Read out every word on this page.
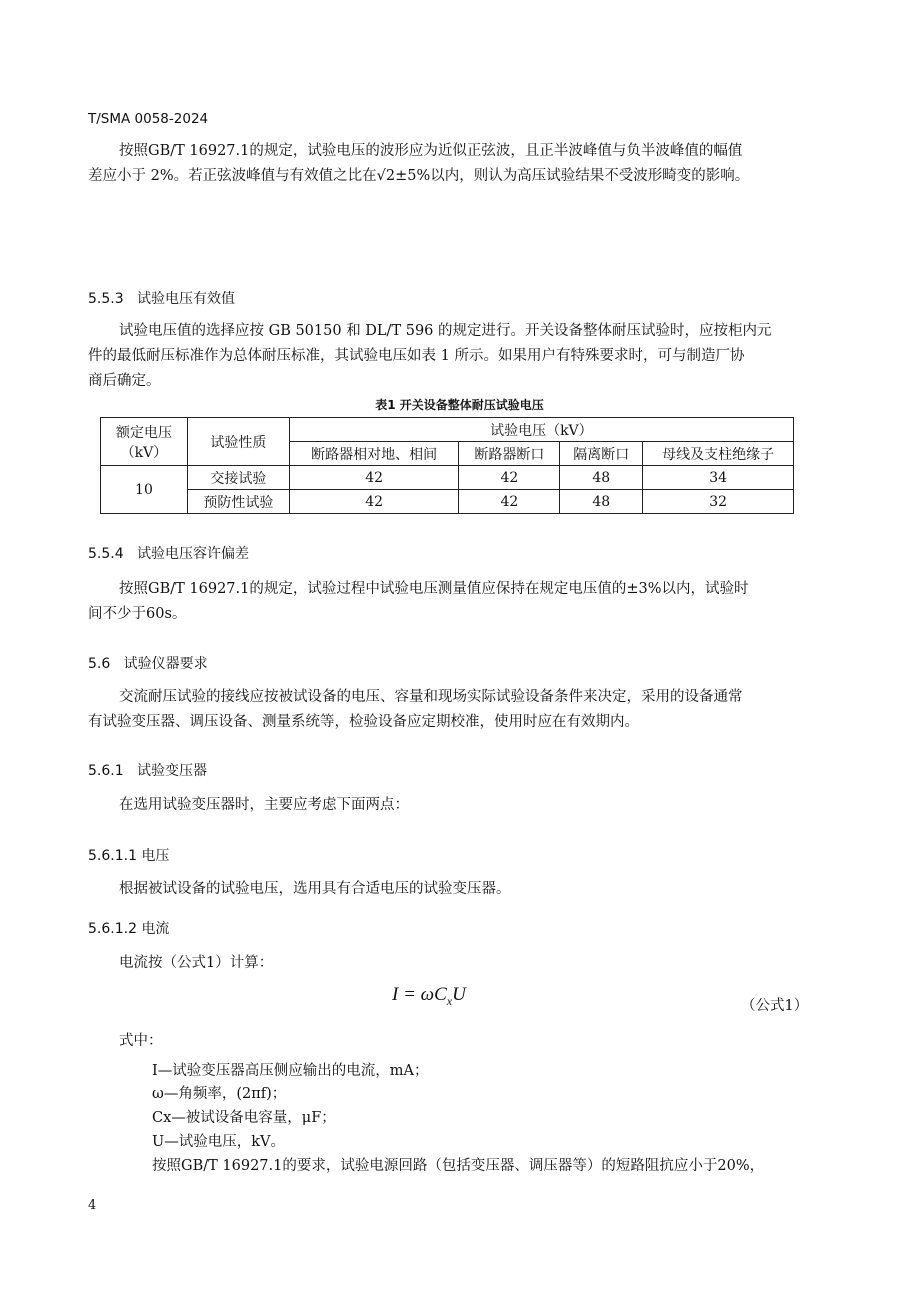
T/SMA 0058-2024
按照GB/T 16927.1的规定，试验电压的波形应为近似正弦波，且正半波峰值与负半波峰值的幅值
差应小于 2%。若正弦波峰值与有效值之比在√2±5%以内，则认为高压试验结果不受波形畸变的影响。
5.5.3 试验电压有效值
试验电压值的选择应按 GB 50150 和 DL/T 596 的规定进行。开关设备整体耐压试验时，应按柜内元
件的最低耐压标准作为总体耐压标准，其试验电压如表 1 所示。如果用户有特殊要求时，可与制造厂协
商后确定。
表1 开关设备整体耐压试验电压
额定电压
（kV）	试验性质	试验电压（kV）			
		断路器相对地、相间	断路器断口	隔离断口	母线及支柱绝缘子
10	交接试验	42	42	48	34
	预防性试验	42	42	48	32
5.5.4 试验电压容许偏差
按照GB/T 16927.1的规定，试验过程中试验电压测量值应保持在规定电压值的±3%以内，试验时
间不少于60s。
5.6 试验仪器要求
交流耐压试验的接线应按被试设备的电压、容量和现场实际试验设备条件来决定，采用的设备通常
有试验变压器、调压设备、测量系统等，检验设备应定期校准，使用时应在有效期内。
5.6.1 试验变压器
在选用试验变压器时，主要应考虑下面两点：
5.6.1.1 电压
根据被试设备的试验电压，选用具有合适电压的试验变压器。
5.6.1.2 电流
电流按（公式1）计算：
$I = \omega C_xU$
（公式1）
式中：
I—试验变压器高压侧应输出的电流，mA；
ω—角频率，(2πf)；
Cx—被试设备电容量，μF；
U—试验电压，kV。
按照GB/T 16927.1的要求，试验电源回路（包括变压器、调压器等）的短路阻抗应小于20%，
4
